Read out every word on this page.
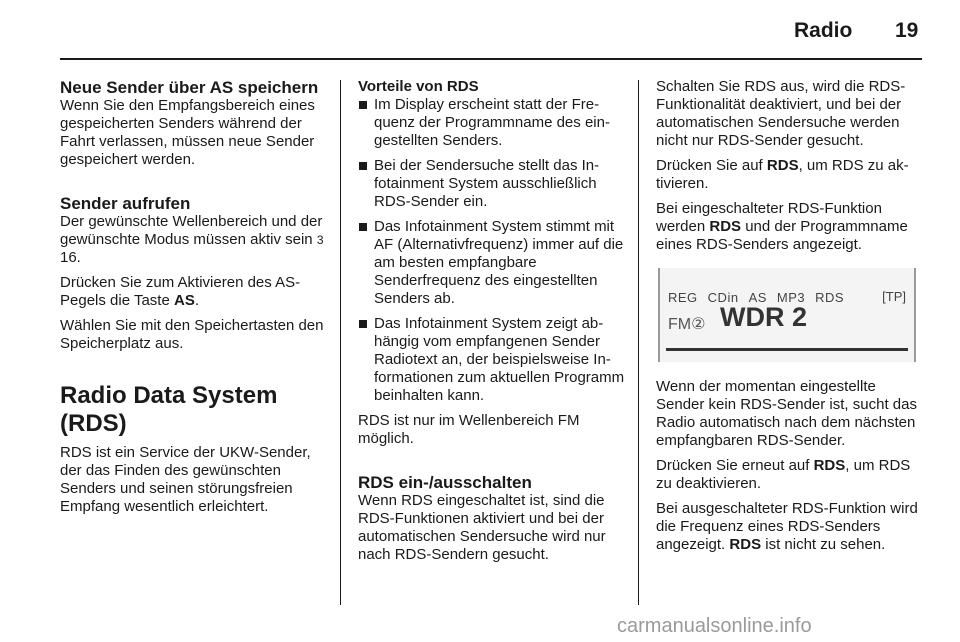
Radio 19
Neue Sender über AS speichern

Wenn Sie den Empfangsbereich eines gespeicherten Senders während der Fahrt verlassen, müssen neue Sender gespeichert werden.

Sender aufrufen

Der gewünschte Wellenbereich und der gewünschte Modus müssen aktiv sein 3 16.

Drücken Sie zum Aktivieren des AS-Pegels die Taste AS.

Wählen Sie mit den Speichertasten den Speicherplatz aus.

Radio Data System (RDS)

RDS ist ein Service der UKW-Sender, der das Finden des gewünschten Senders und seinen störungsfreien Empfang wesentlich erleichtert.

Vorteile von RDS
Im Display erscheint statt der Frequenz der Programmname des eingestellten Senders.
Bei der Sendersuche stellt das Infotainment System ausschließlich RDS-Sender ein.
Das Infotainment System stimmt mit AF (Alternativfrequenz) immer auf die am besten empfangbare Senderfrequenz des eingestellten Senders ab.
Das Infotainment System zeigt abhängig vom empfangenen Sender Radiotext an, der beispielsweise Informationen zum aktuellen Programm beinhalten kann.

RDS ist nur im Wellenbereich FM möglich.

RDS ein-/ausschalten

Wenn RDS eingeschaltet ist, sind die RDS-Funktionen aktiviert und bei der automatischen Sendersuche wird nur nach RDS-Sendern gesucht.

Schalten Sie RDS aus, wird die RDS-Funktionalität deaktiviert, und bei der automatischen Sendersuche werden nicht nur RDS-Sender gesucht.

Drücken Sie auf RDS, um RDS zu aktivieren.

Bei eingeschalteter RDS-Funktion werden RDS und der Programmname eines RDS-Senders angezeigt.

REG CDin AS MP3 RDS	[TP]
FM② WDR 2

Wenn der momentan eingestellte Sender kein RDS-Sender ist, sucht das Radio automatisch nach dem nächsten empfangbaren RDS-Sender.

Drücken Sie erneut auf RDS, um RDS zu deaktivieren.

Bei ausgeschalteter RDS-Funktion wird die Frequenz eines RDS-Senders angezeigt. RDS ist nicht zu sehen.

carmanualsonline.info
